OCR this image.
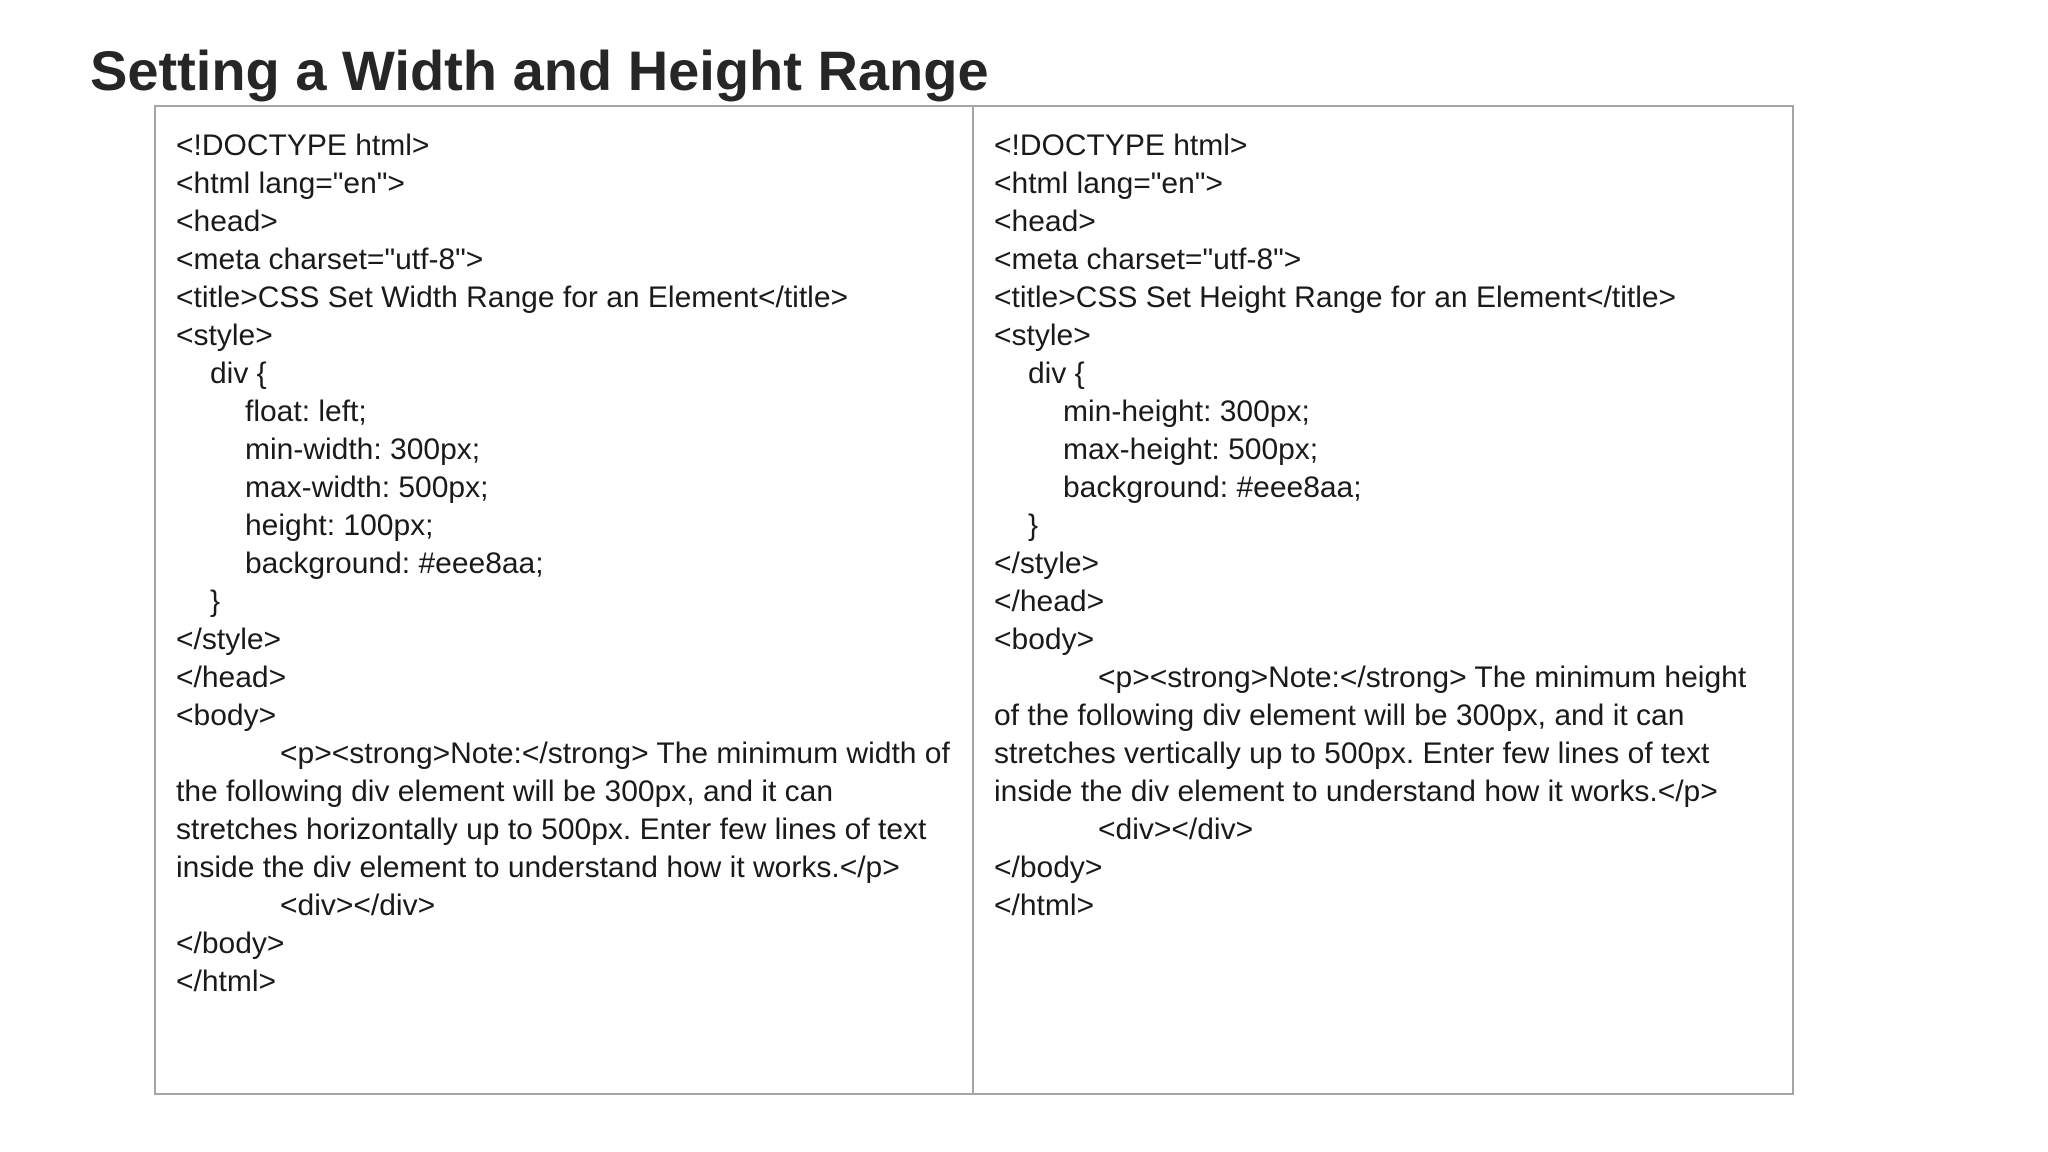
Setting a Width and Height Range

<!DOCTYPE html>

<html lang="en">

<head>

<meta charset="utf-8">

<title>CSS Set Width Range for an Element</title>

<style>

div {

float: left;

min-width: 300px;

max-width: 500px;

height: 100px;

background: #eee8aa;

}

</style>

</head>

<body>

<p><strong>Note:</strong> The minimum width of the following div element will be 300px, and it can stretches horizontally up to 500px. Enter few lines of text inside the div element to understand how it works.</p>

<div></div>

</body>

</html>

<!DOCTYPE html>

<html lang="en">

<head>

<meta charset="utf-8">

<title>CSS Set Height Range for an Element</title>

<style>

div {

min-height: 300px;

max-height: 500px;

background: #eee8aa;

}

</style>

</head>

<body>

<p><strong>Note:</strong> The minimum height of the following div element will be 300px, and it can stretches vertically up to 500px. Enter few lines of text inside the div element to understand how it works.</p>

<div></div>

</body>

</html>
